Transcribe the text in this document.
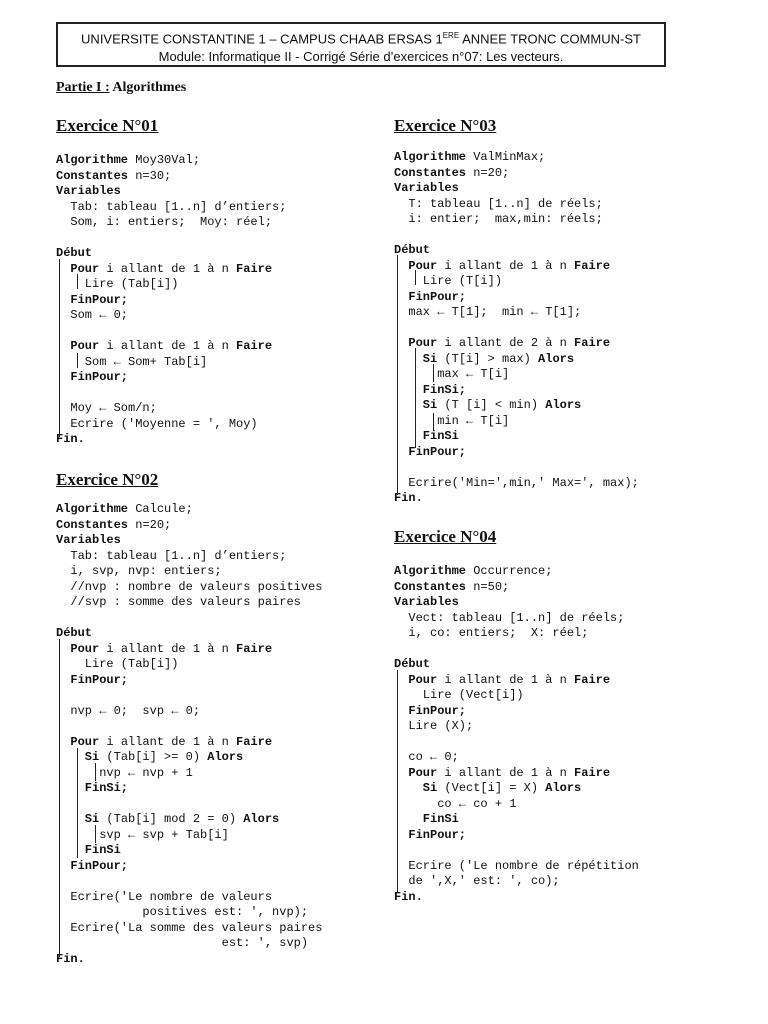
UNIVERSITE CONSTANTINE 1 – CAMPUS CHAAB ERSAS 1ERE ANNEE TRONC COMMUN-ST
Module: Informatique II - Corrigé Série d’exercices n°07: Les vecteurs.
Partie I : Algorithmes
Exercice N°01
Algorithme Moy30Val;
Constantes n=30;
Variables
Tab: tableau [1..n] d’entiers;
Som, i: entiers;  Moy: réel;
Début
Pour i allant de 1 à n Faire
Lire (Tab[i])
FinPour;
Som ← 0;
Pour i allant de 1 à n Faire
Som ← Som+ Tab[i]
FinPour;
Moy ← Som/n;
Ecrire ('Moyenne = ', Moy)
Fin.
Exercice N°02
Algorithme Calcule;
Constantes n=20;
Variables
Tab: tableau [1..n] d’entiers;
i, svp, nvp: entiers;
//nvp : nombre de valeurs positives
//svp : somme des valeurs paires
Début
Pour i allant de 1 à n Faire
Lire (Tab[i])
FinPour;
nvp ← 0;  svp ← 0;
Pour i allant de 1 à n Faire
Si (Tab[i] >= 0) Alors
nvp ← nvp + 1
FinSi;
Si (Tab[i] mod 2 = 0) Alors
svp ← svp + Tab[i]
FinSi
FinPour;
Ecrire('Le nombre de valeurs
positives est: ', nvp);
Ecrire('La somme des valeurs paires
est: ', svp)
Fin.
Exercice N°03
Algorithme ValMinMax;
Constantes n=20;
Variables
T: tableau [1..n] de réels;
i: entier;  max,min: réels;
Début
Pour i allant de 1 à n Faire
Lire (T[i])
FinPour;
max ← T[1];  min ← T[1];
Pour i allant de 2 à n Faire
Si (T[i] > max) Alors
max ← T[i]
FinSi;
Si (T [i] < min) Alors
min ← T[i]
FinSi
FinPour;
Ecrire('Min=',min,' Max=', max);
Fin.
Exercice N°04
Algorithme Occurrence;
Constantes n=50;
Variables
Vect: tableau [1..n] de réels;
i, co: entiers;  X: réel;
Début
Pour i allant de 1 à n Faire
Lire (Vect[i])
FinPour;
Lire (X);
co ← 0;
Pour i allant de 1 à n Faire
Si (Vect[i] = X) Alors
co ← co + 1
FinSi
FinPour;
Ecrire ('Le nombre de répétition
de ',X,' est: ', co);
Fin.
